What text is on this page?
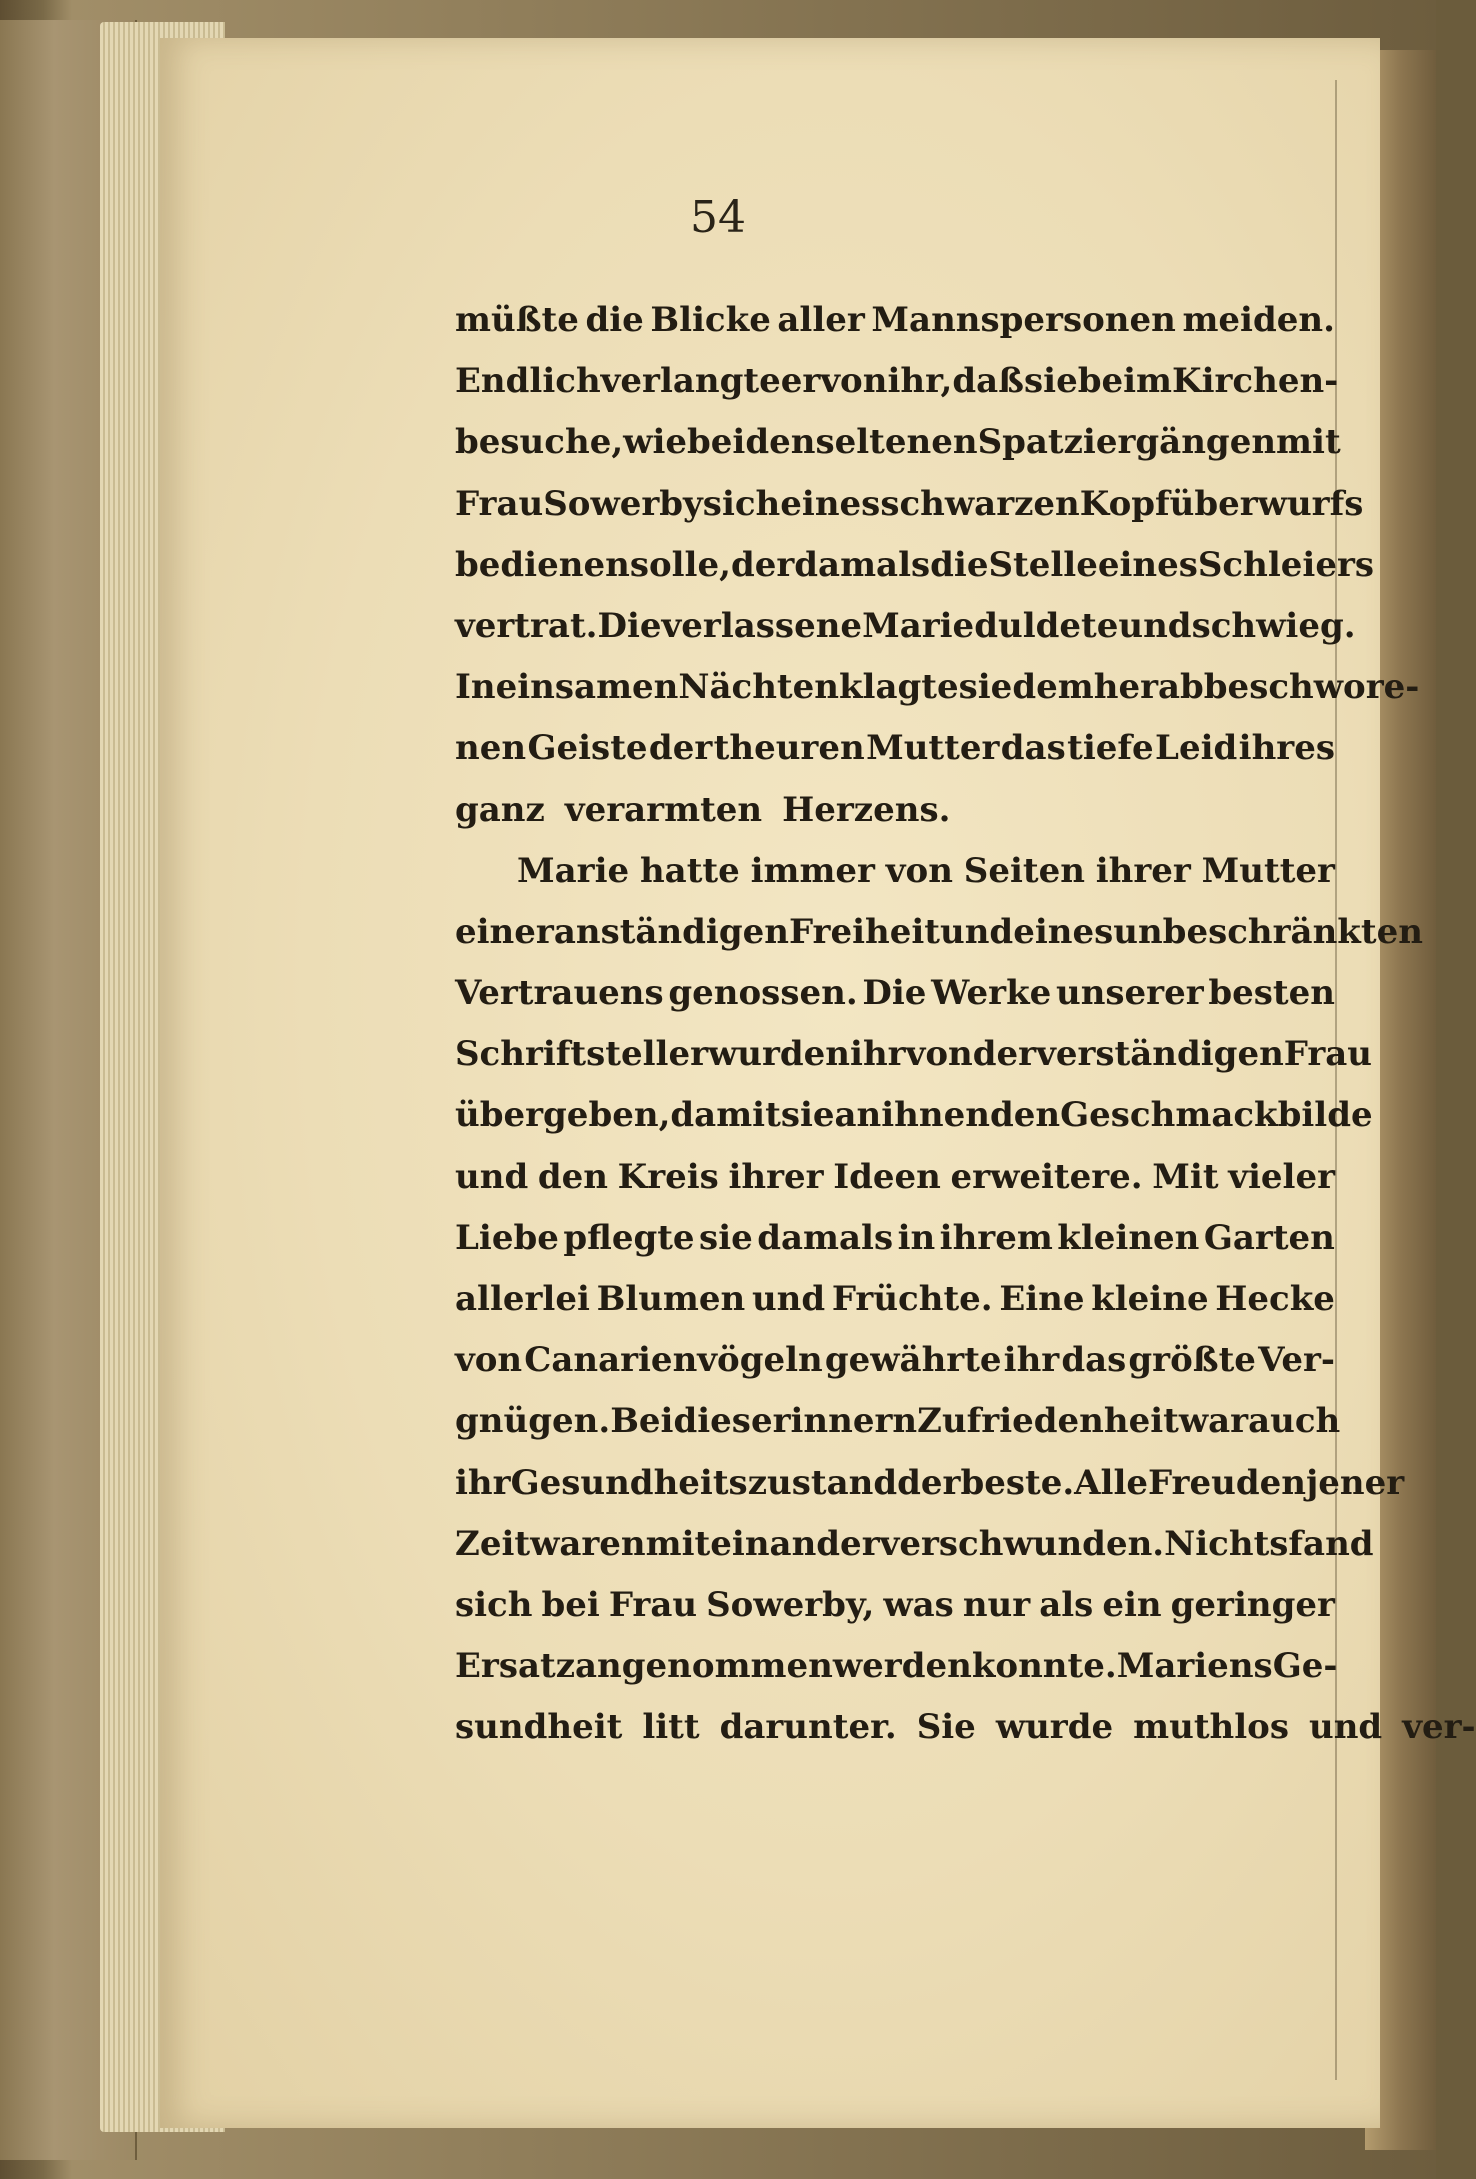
54
müßte die Blicke aller Mannspersonen meiden.
Endlich verlangte er von ihr, daß sie beim Kirchen-
besuche, wie bei den seltenen Spatziergängen mit
Frau Sowerby sich eines schwarzen Kopfüberwurfs
bedienen solle, der damals die Stelle eines Schleiers
vertrat. Die verlassene Marie duldete und schwieg.
In einsamen Nächten klagte sie dem herabbeschwore-
nen Geiste der theuren Mutter das tiefe Leid ihres
ganz verarmten Herzens.
Marie hatte immer von Seiten ihrer Mutter
einer anständigen Freiheit und eines unbeschränkten
Vertrauens genossen. Die Werke unserer besten
Schriftsteller wurden ihr von der verständigen Frau
übergeben, damit sie an ihnen den Geschmack bilde
und den Kreis ihrer Ideen erweitere. Mit vieler
Liebe pflegte sie damals in ihrem kleinen Garten
allerlei Blumen und Früchte. Eine kleine Hecke
von Canarienvögeln gewährte ihr das größte Ver-
gnügen. Bei dieser innern Zufriedenheit war auch
ihr Gesundheitszustand der beste. Alle Freuden jener
Zeit waren mit einander verschwunden. Nichts fand
sich bei Frau Sowerby, was nur als ein geringer
Ersatz angenommen werden konnte. Mariens Ge-
sundheit litt darunter. Sie wurde muthlos und ver-
